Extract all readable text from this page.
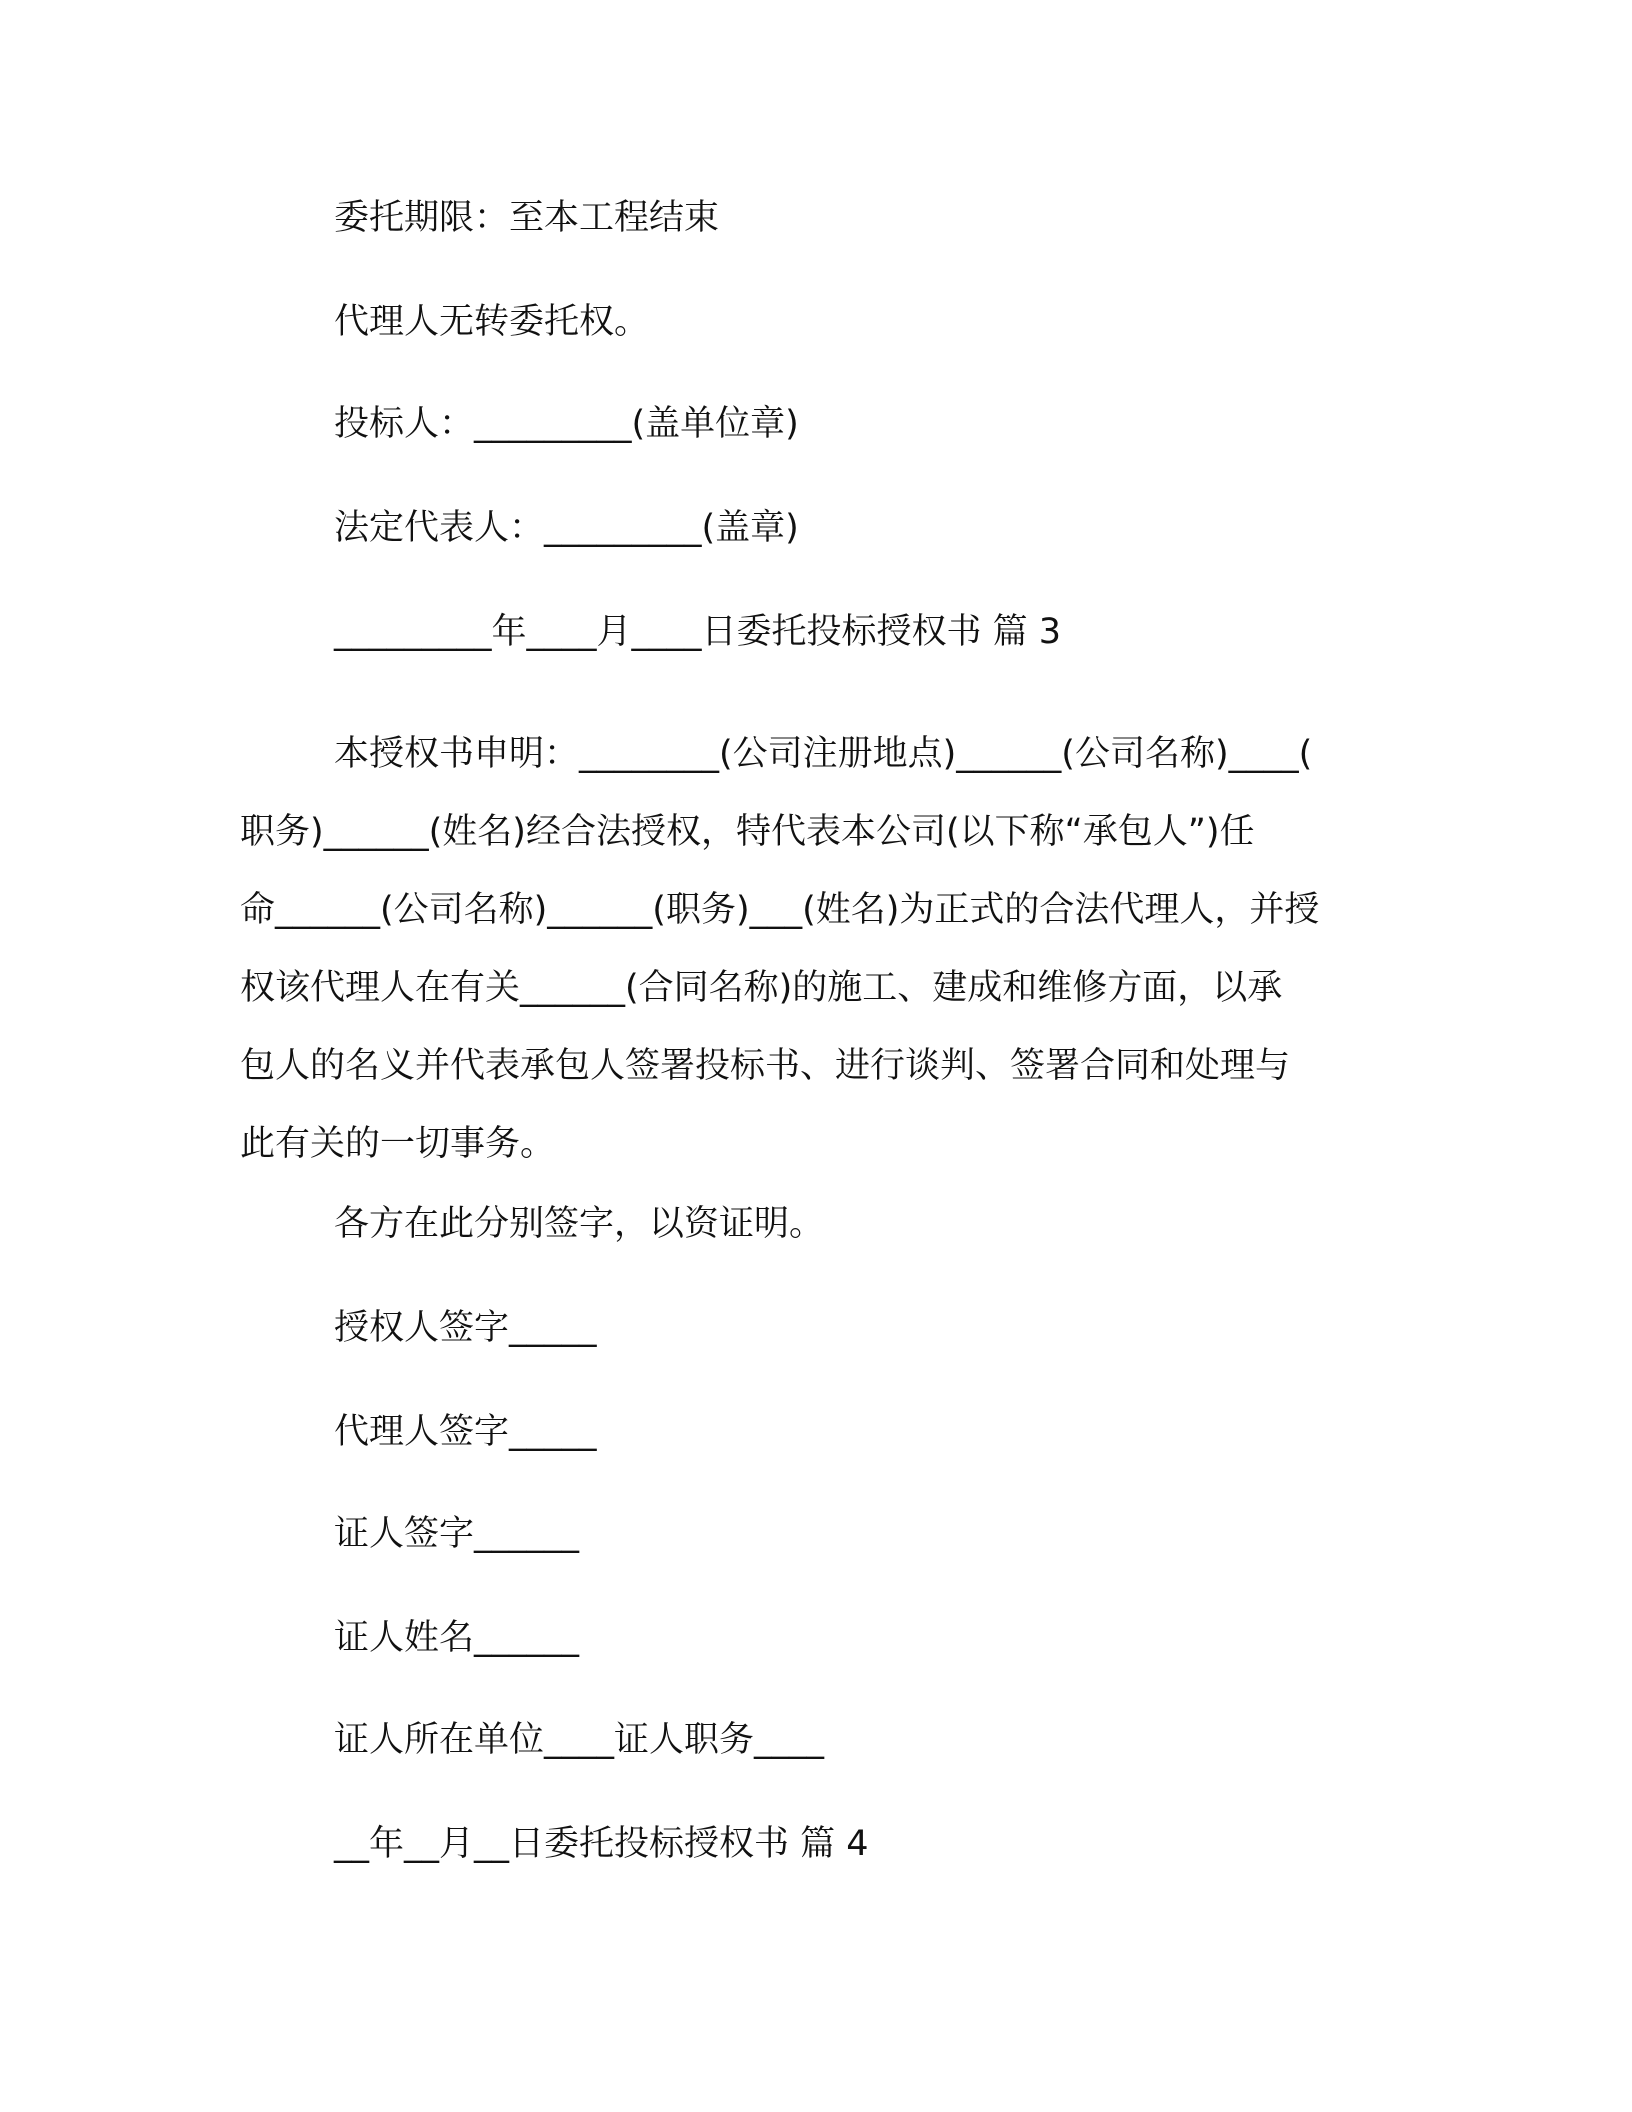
委托期限：至本工程结束
代理人无转委托权。
投标人：_________(盖单位章)
法定代表人：_________(盖章)
_________年____月____日委托投标授权书 篇 3
本授权书申明：________(公司注册地点)______(公司名称)____(
职务)______(姓名)经合法授权，特代表本公司(以下称“承包人”)任
命______(公司名称)______(职务)___(姓名)为正式的合法代理人，并授
权该代理人在有关______(合同名称)的施工、建成和维修方面，以承
包人的名义并代表承包人签署投标书、进行谈判、签署合同和处理与
此有关的一切事务。
各方在此分别签字，以资证明。
授权人签字_____
代理人签字_____
证人签字______
证人姓名______
证人所在单位____证人职务____
__年__月__日委托投标授权书 篇 4
